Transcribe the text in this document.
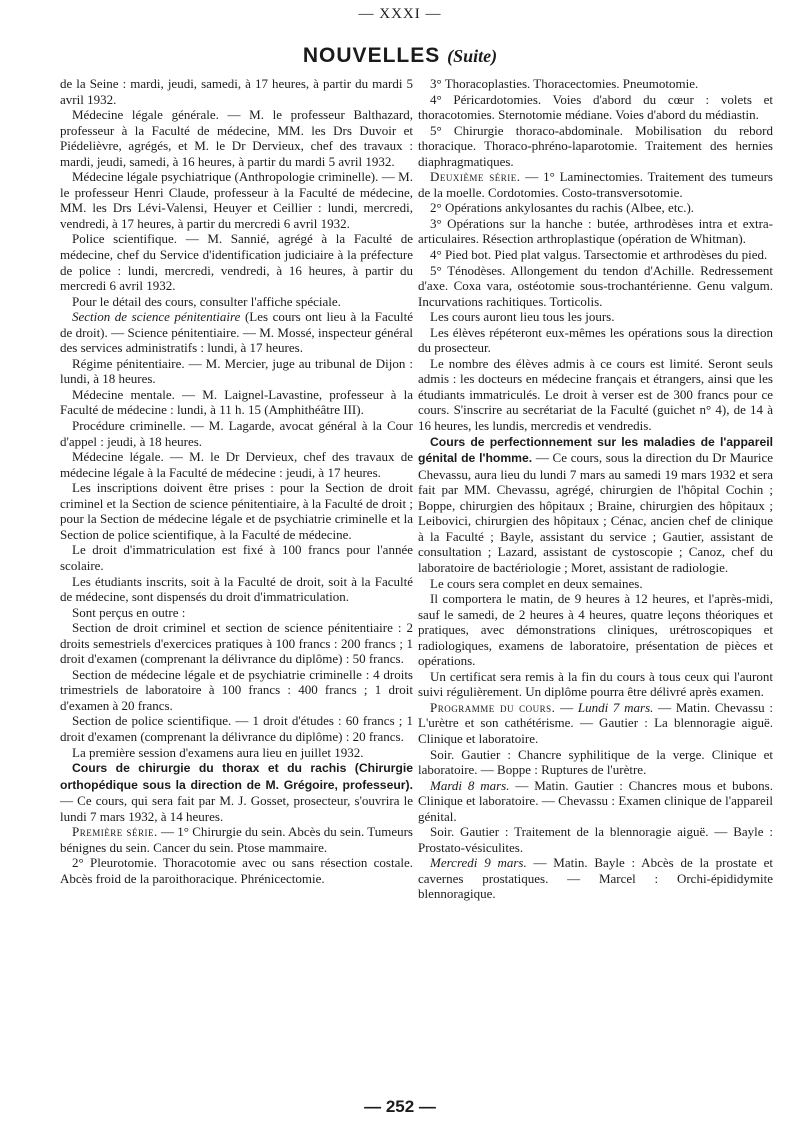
— XXXI —
NOUVELLES (Suite)

de la Seine : mardi, jeudi, samedi, à 17 heures, à partir du mardi 5 avril 1932.

Médecine légale générale. — M. le professeur Balthazard, professeur à la Faculté de médecine, MM. les Drs Duvoir et Piédelièvre, agrégés, et M. le Dr Dervieux, chef des travaux : mardi, jeudi, samedi, à 16 heures, à partir du mardi 5 avril 1932.

Médecine légale psychiatrique (Anthropologie criminelle). — M. le professeur Henri Claude, professeur à la Faculté de médecine, MM. les Drs Lévi-Valensi, Heuyer et Ceillier : lundi, mercredi, vendredi, à 17 heures, à partir du mercredi 6 avril 1932.

Police scientifique. — M. Sannié, agrégé à la Faculté de médecine, chef du Service d'identification judiciaire à la préfecture de police : lundi, mercredi, vendredi, à 16 heures, à partir du mercredi 6 avril 1932.

Pour le détail des cours, consulter l'affiche spéciale.

Section de science pénitentiaire (Les cours ont lieu à la Faculté de droit). — Science pénitentiaire. — M. Mossé, inspecteur général des services administratifs : lundi, à 17 heures.

Régime pénitentiaire. — M. Mercier, juge au tribunal de Dijon : lundi, à 18 heures.

Médecine mentale. — M. Laignel-Lavastine, professeur à la Faculté de médecine : lundi, à 11 h. 15 (Amphithéâtre III).

Procédure criminelle. — M. Lagarde, avocat général à la Cour d'appel : jeudi, à 18 heures.

Médecine légale. — M. le Dr Dervieux, chef des travaux de médecine légale à la Faculté de médecine : jeudi, à 17 heures.

Les inscriptions doivent être prises : pour la Section de droit criminel et la Section de science pénitentiaire, à la Faculté de droit ; pour la Section de médecine légale et de psychiatrie criminelle et la Section de police scientifique, à la Faculté de médecine.

Le droit d'immatriculation est fixé à 100 francs pour l'année scolaire.

Les étudiants inscrits, soit à la Faculté de droit, soit à la Faculté de médecine, sont dispensés du droit d'immatriculation.

Sont perçus en outre :

Section de droit criminel et section de science pénitentiaire : 2 droits semestriels d'exercices pratiques à 100 francs : 200 francs ; 1 droit d'examen (comprenant la délivrance du diplôme) : 50 francs.

Section de médecine légale et de psychiatrie criminelle : 4 droits trimestriels de laboratoire à 100 francs : 400 francs ; 1 droit d'examen à 20 francs.

Section de police scientifique. — 1 droit d'études : 60 francs ; 1 droit d'examen (comprenant la délivrance du diplôme) : 20 francs.

La première session d'examens aura lieu en juillet 1932.

Cours de chirurgie du thorax et du rachis (Chirurgie orthopédique sous la direction de M. Grégoire, professeur). — Ce cours, qui sera fait par M. J. Gosset, prosecteur, s'ouvrira le lundi 7 mars 1932, à 14 heures.

Première série. — 1° Chirurgie du sein. Abcès du sein. Tumeurs bénignes du sein. Cancer du sein. Ptose mammaire.

2° Pleurotomie. Thoracotomie avec ou sans résection costale. Abcès froid de la paroithoracique. Phrénicectomie.

3° Thoracoplasties. Thoracectomies. Pneumotomie.

4° Péricardotomies. Voies d'abord du cœur : volets et thoracotomies. Sternotomie médiane. Voies d'abord du médiastin.

5° Chirurgie thoraco-abdominale. Mobilisation du rebord thoracique. Thoraco-phréno-laparotomie. Traitement des hernies diaphragmatiques.

Deuxième série. — 1° Laminectomies. Traitement des tumeurs de la moelle. Cordotomies. Costo-transversotomie.

2° Opérations ankylosantes du rachis (Albee, etc.).

3° Opérations sur la hanche : butée, arthrodèses intra et extra-articulaires. Résection arthroplastique (opération de Whitman).

4° Pied bot. Pied plat valgus. Tarsectomie et arthrodèses du pied.

5° Ténodèses. Allongement du tendon d'Achille. Redressement d'axe. Coxa vara, ostéotomie sous-trochantérienne. Genu valgum. Incurvations rachitiques. Torticolis.

Les cours auront lieu tous les jours.

Les élèves répéteront eux-mêmes les opérations sous la direction du prosecteur.

Le nombre des élèves admis à ce cours est limité. Seront seuls admis : les docteurs en médecine français et étrangers, ainsi que les étudiants immatriculés. Le droit à verser est de 300 francs pour ce cours. S'inscrire au secrétariat de la Faculté (guichet n° 4), de 14 à 16 heures, les lundis, mercredis et vendredis.

Cours de perfectionnement sur les maladies de l'appareil génital de l'homme. — Ce cours, sous la direction du Dr Maurice Chevassu, aura lieu du lundi 7 mars au samedi 19 mars 1932 et sera fait par MM. Chevassu, agrégé, chirurgien de l'hôpital Cochin ; Boppe, chirurgien des hôpitaux ; Braine, chirurgien des hôpitaux ; Leibovici, chirurgien des hôpitaux ; Cénac, ancien chef de clinique à la Faculté ; Bayle, assistant du service ; Gautier, assistant de consultation ; Lazard, assistant de cystoscopie ; Canoz, chef du laboratoire de bactériologie ; Moret, assistant de radiologie.

Le cours sera complet en deux semaines.

Il comportera le matin, de 9 heures à 12 heures, et l'après-midi, sauf le samedi, de 2 heures à 4 heures, quatre leçons théoriques et pratiques, avec démonstrations cliniques, urétroscopiques et radiologiques, examens de laboratoire, présentation de pièces et opérations.

Un certificat sera remis à la fin du cours à tous ceux qui l'auront suivi régulièrement. Un diplôme pourra être délivré après examen.

Programme du cours. — Lundi 7 mars. — Matin. Chevassu : L'urètre et son cathétérisme. — Gautier : La blennoragie aiguë. Clinique et laboratoire.

Soir. Gautier : Chancre syphilitique de la verge. Clinique et laboratoire. — Boppe : Ruptures de l'urètre.

Mardi 8 mars. — Matin. Gautier : Chancres mous et bubons. Clinique et laboratoire. — Chevassu : Examen clinique de l'appareil génital.

Soir. Gautier : Traitement de la blennoragie aiguë. — Bayle : Prostato-vésiculites.

Mercredi 9 mars. — Matin. Bayle : Abcès de la prostate et cavernes prostatiques. — Marcel : Orchi-épididymite blennoragique.

— 252 —
